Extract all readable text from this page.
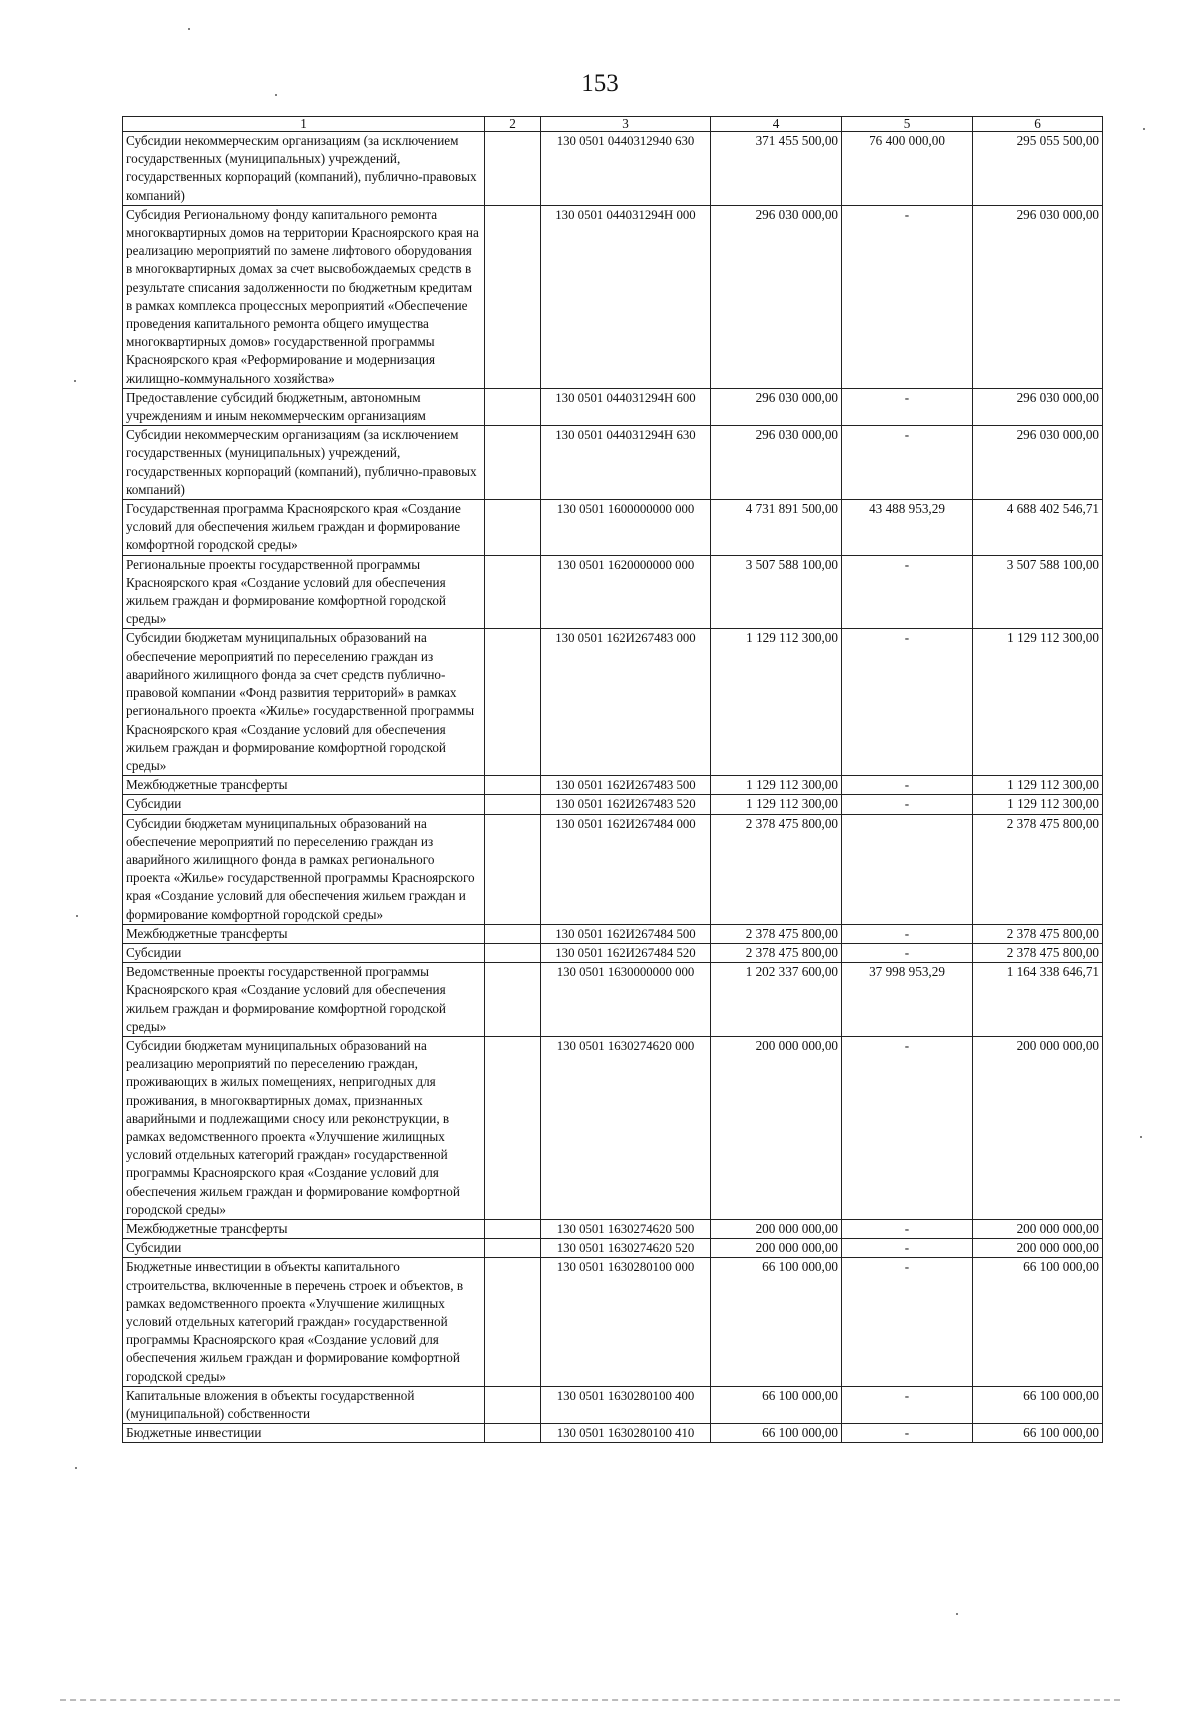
153
1	2	3	4	5	6
Субсидии некоммерческим организациям (за исключением государственных (муниципальных) учреждений, государственных корпораций (компаний), публично-правовых компаний)		130 0501 0440312940 630	371 455 500,00	76 400 000,00	295 055 500,00
Субсидия Региональному фонду капитального ремонта многоквартирных домов на территории Красноярского края на реализацию мероприятий по замене лифтового оборудования в многоквартирных домах за счет высвобождаемых средств в результате списания задолженности по бюджетным кредитам в рамках комплекса процессных мероприятий «Обеспечение проведения капитального ремонта общего имущества многоквартирных домов» государственной программы Красноярского края «Реформирование и модернизация жилищно-коммунального хозяйства»		130 0501 044031294Н 000	296 030 000,00	-	296 030 000,00
Предоставление субсидий бюджетным, автономным учреждениям и иным некоммерческим организациям		130 0501 044031294Н 600	296 030 000,00	-	296 030 000,00
Субсидии некоммерческим организациям (за исключением государственных (муниципальных) учреждений, государственных корпораций (компаний), публично-правовых компаний)		130 0501 044031294Н 630	296 030 000,00	-	296 030 000,00
Государственная программа Красноярского края «Создание условий для обеспечения жильем граждан и формирование комфортной городской среды»		130 0501 1600000000 000	4 731 891 500,00	43 488 953,29	4 688 402 546,71
Региональные проекты государственной программы Красноярского края «Создание условий для обеспечения жильем граждан и формирование комфортной городской среды»		130 0501 1620000000 000	3 507 588 100,00	-	3 507 588 100,00
Субсидии бюджетам муниципальных образований на обеспечение мероприятий по переселению граждан из аварийного жилищного фонда за счет средств публично-правовой компании «Фонд развития территорий» в рамках регионального проекта «Жилье» государственной программы Красноярского края «Создание условий для обеспечения жильем граждан и формирование комфортной городской среды»		130 0501 162И267483 000	1 129 112 300,00	-	1 129 112 300,00
Межбюджетные трансферты		130 0501 162И267483 500	1 129 112 300,00	-	1 129 112 300,00
Субсидии		130 0501 162И267483 520	1 129 112 300,00	-	1 129 112 300,00
Субсидии бюджетам муниципальных образований на обеспечение мероприятий по переселению граждан из аварийного жилищного фонда в рамках регионального проекта «Жилье» государственной программы Красноярского края «Создание условий для обеспечения жильем граждан и формирование комфортной городской среды»		130 0501 162И267484 000	2 378 475 800,00		2 378 475 800,00
Межбюджетные трансферты		130 0501 162И267484 500	2 378 475 800,00	-	2 378 475 800,00
Субсидии		130 0501 162И267484 520	2 378 475 800,00	-	2 378 475 800,00
Ведомственные проекты государственной программы Красноярского края «Создание условий для обеспечения жильем граждан и формирование комфортной городской среды»		130 0501 1630000000 000	1 202 337 600,00	37 998 953,29	1 164 338 646,71
Субсидии бюджетам муниципальных образований на реализацию мероприятий по переселению граждан, проживающих в жилых помещениях, непригодных для проживания, в многоквартирных домах, признанных аварийными и подлежащими сносу или реконструкции, в рамках ведомственного проекта «Улучшение жилищных условий отдельных категорий граждан» государственной программы Красноярского края «Создание условий для обеспечения жильем граждан и формирование комфортной городской среды»		130 0501 1630274620 000	200 000 000,00	-	200 000 000,00
Межбюджетные трансферты		130 0501 1630274620 500	200 000 000,00	-	200 000 000,00
Субсидии		130 0501 1630274620 520	200 000 000,00	-	200 000 000,00
Бюджетные инвестиции в объекты капитального строительства, включенные в перечень строек и объектов, в рамках ведомственного проекта «Улучшение жилищных условий отдельных категорий граждан» государственной программы Красноярского края «Создание условий для обеспечения жильем граждан и формирование комфортной городской среды»		130 0501 1630280100 000	66 100 000,00	-	66 100 000,00
Капитальные вложения в объекты государственной (муниципальной) собственности		130 0501 1630280100 400	66 100 000,00	-	66 100 000,00
Бюджетные инвестиции		130 0501 1630280100 410	66 100 000,00	-	66 100 000,00
